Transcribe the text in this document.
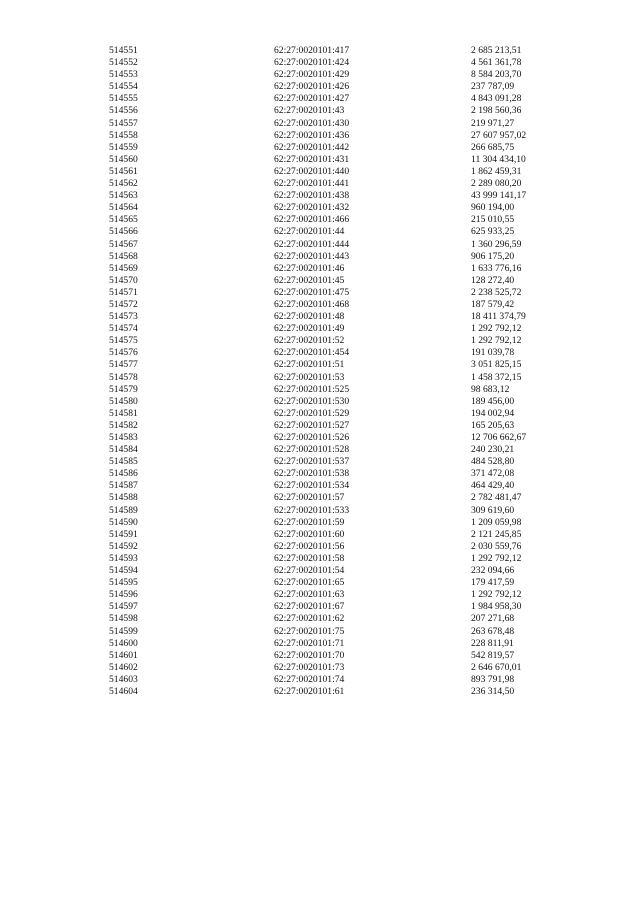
514551	62:27:0020101:417	2 685 213,51
514552	62:27:0020101:424	4 561 361,78
514553	62:27:0020101:429	8 584 203,70
514554	62:27:0020101:426	237 787,09
514555	62:27:0020101:427	4 843 091,28
514556	62:27:0020101:43	2 198 560,36
514557	62:27:0020101:430	219 971,27
514558	62:27:0020101:436	27 607 957,02
514559	62:27:0020101:442	266 685,75
514560	62:27:0020101:431	11 304 434,10
514561	62:27:0020101:440	1 862 459,31
514562	62:27:0020101:441	2 289 080,20
514563	62:27:0020101:438	43 999 141,17
514564	62:27:0020101:432	960 194,00
514565	62:27:0020101:466	215 010,55
514566	62:27:0020101:44	625 933,25
514567	62:27:0020101:444	1 360 296,59
514568	62:27:0020101:443	906 175,20
514569	62:27:0020101:46	1 633 776,16
514570	62:27:0020101:45	128 272,40
514571	62:27:0020101:475	2 238 525,72
514572	62:27:0020101:468	187 579,42
514573	62:27:0020101:48	18 411 374,79
514574	62:27:0020101:49	1 292 792,12
514575	62:27:0020101:52	1 292 792,12
514576	62:27:0020101:454	191 039,78
514577	62:27:0020101:51	3 051 825,15
514578	62:27:0020101:53	1 458 372,15
514579	62:27:0020101:525	98 683,12
514580	62:27:0020101:530	189 456,00
514581	62:27:0020101:529	194 002,94
514582	62:27:0020101:527	165 205,63
514583	62:27:0020101:526	12 706 662,67
514584	62:27:0020101:528	240 230,21
514585	62:27:0020101:537	484 528,80
514586	62:27:0020101:538	371 472,08
514587	62:27:0020101:534	464 429,40
514588	62:27:0020101:57	2 782 481,47
514589	62:27:0020101:533	309 619,60
514590	62:27:0020101:59	1 209 059,98
514591	62:27:0020101:60	2 121 245,85
514592	62:27:0020101:56	2 030 559,76
514593	62:27:0020101:58	1 292 792,12
514594	62:27:0020101:54	232 094,66
514595	62:27:0020101:65	179 417,59
514596	62:27:0020101:63	1 292 792,12
514597	62:27:0020101:67	1 984 958,30
514598	62:27:0020101:62	207 271,68
514599	62:27:0020101:75	263 678,48
514600	62:27:0020101:71	228 811,91
514601	62:27:0020101:70	542 819,57
514602	62:27:0020101:73	2 646 670,01
514603	62:27:0020101:74	893 791,98
514604	62:27:0020101:61	236 314,50
